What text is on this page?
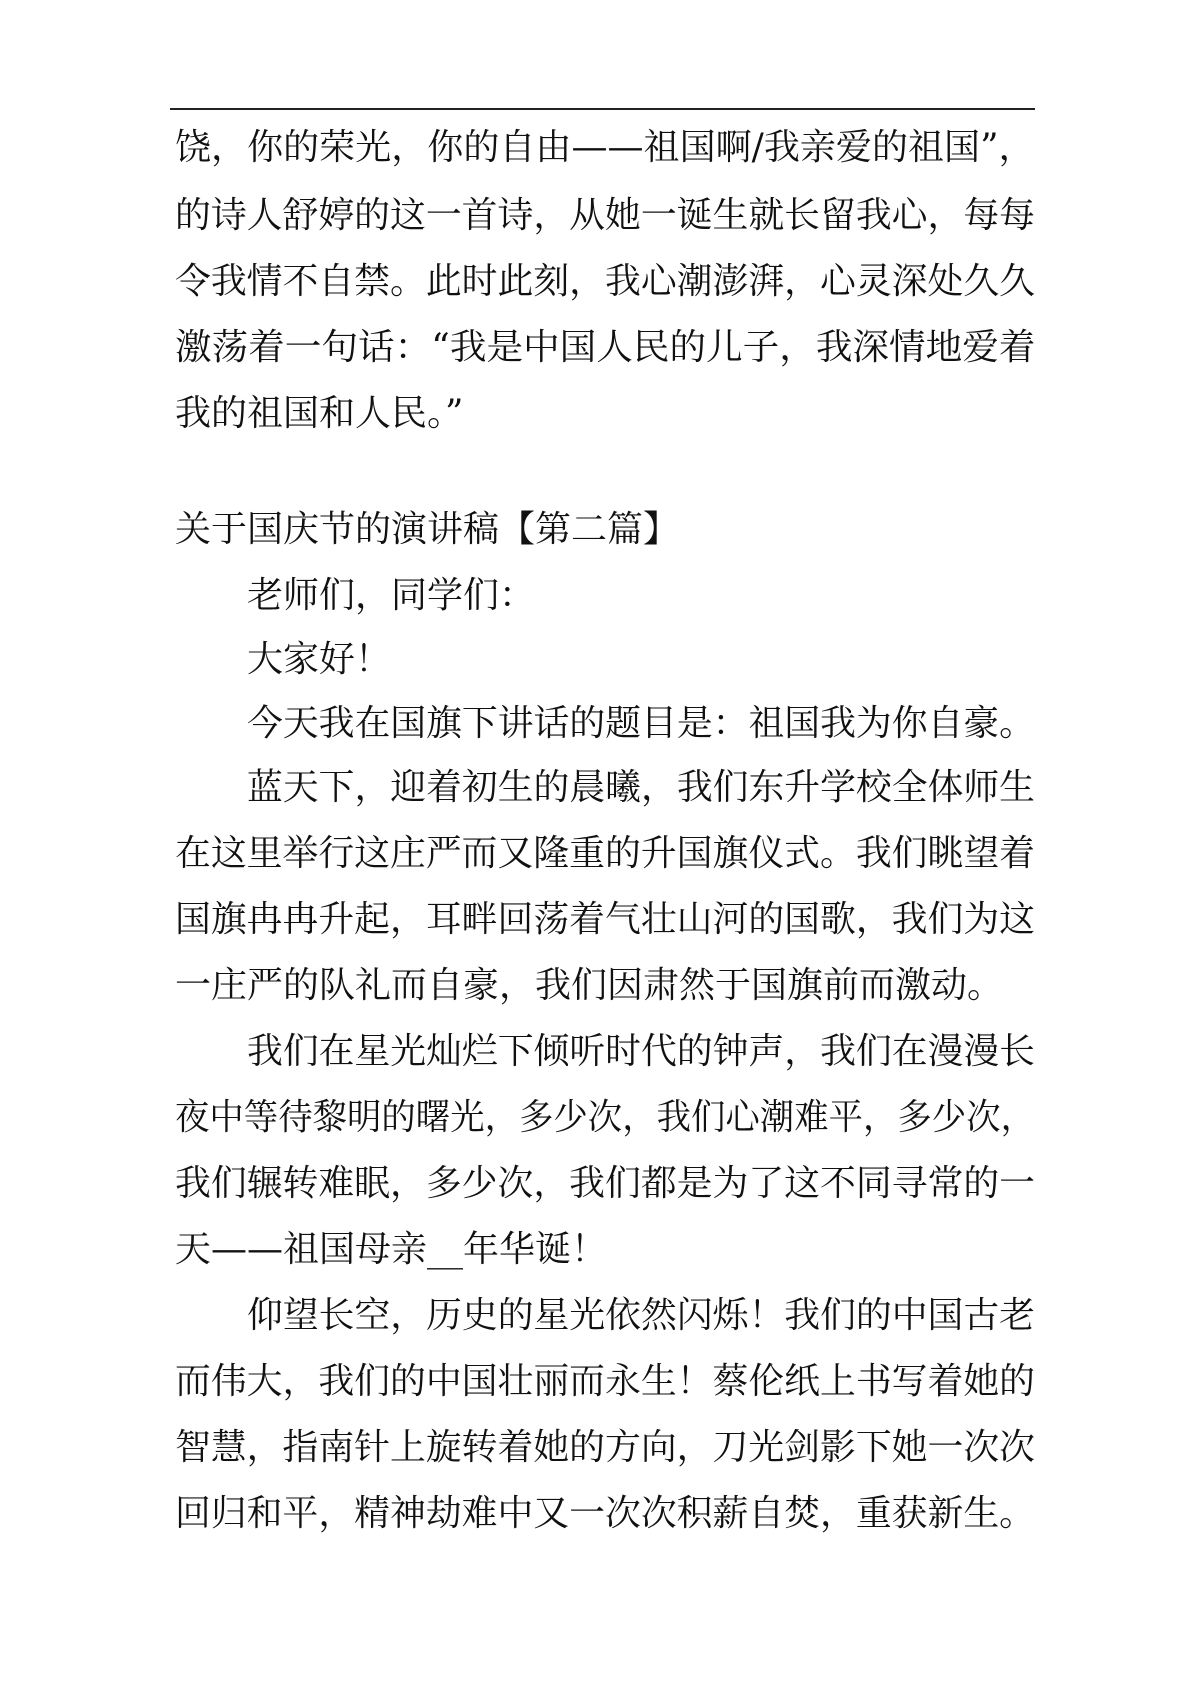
饶，你的荣光，你的自由——祖国啊/我亲爱的祖国”，
的诗人舒婷的这一首诗，从她一诞生就长留我心，每每
令我情不自禁。此时此刻，我心潮澎湃，心灵深处久久
激荡着一句话：“我是中国人民的儿子，我深情地爱着
我的祖国和人民。”
关于国庆节的演讲稿【第二篇】
老师们，同学们：
大家好！
今天我在国旗下讲话的题目是：祖国我为你自豪。
蓝天下，迎着初生的晨曦，我们东升学校全体师生
在这里举行这庄严而又隆重的升国旗仪式。我们眺望着
国旗冉冉升起，耳畔回荡着气壮山河的国歌，我们为这
一庄严的队礼而自豪，我们因肃然于国旗前而激动。
我们在星光灿烂下倾听时代的钟声，我们在漫漫长
夜中等待黎明的曙光，多少次，我们心潮难平，多少次，
我们辗转难眠，多少次，我们都是为了这不同寻常的一
天——祖国母亲__年华诞！
仰望长空，历史的星光依然闪烁！我们的中国古老
而伟大，我们的中国壮丽而永生！蔡伦纸上书写着她的
智慧，指南针上旋转着她的方向，刀光剑影下她一次次
回归和平，精神劫难中又一次次积薪自焚，重获新生。
